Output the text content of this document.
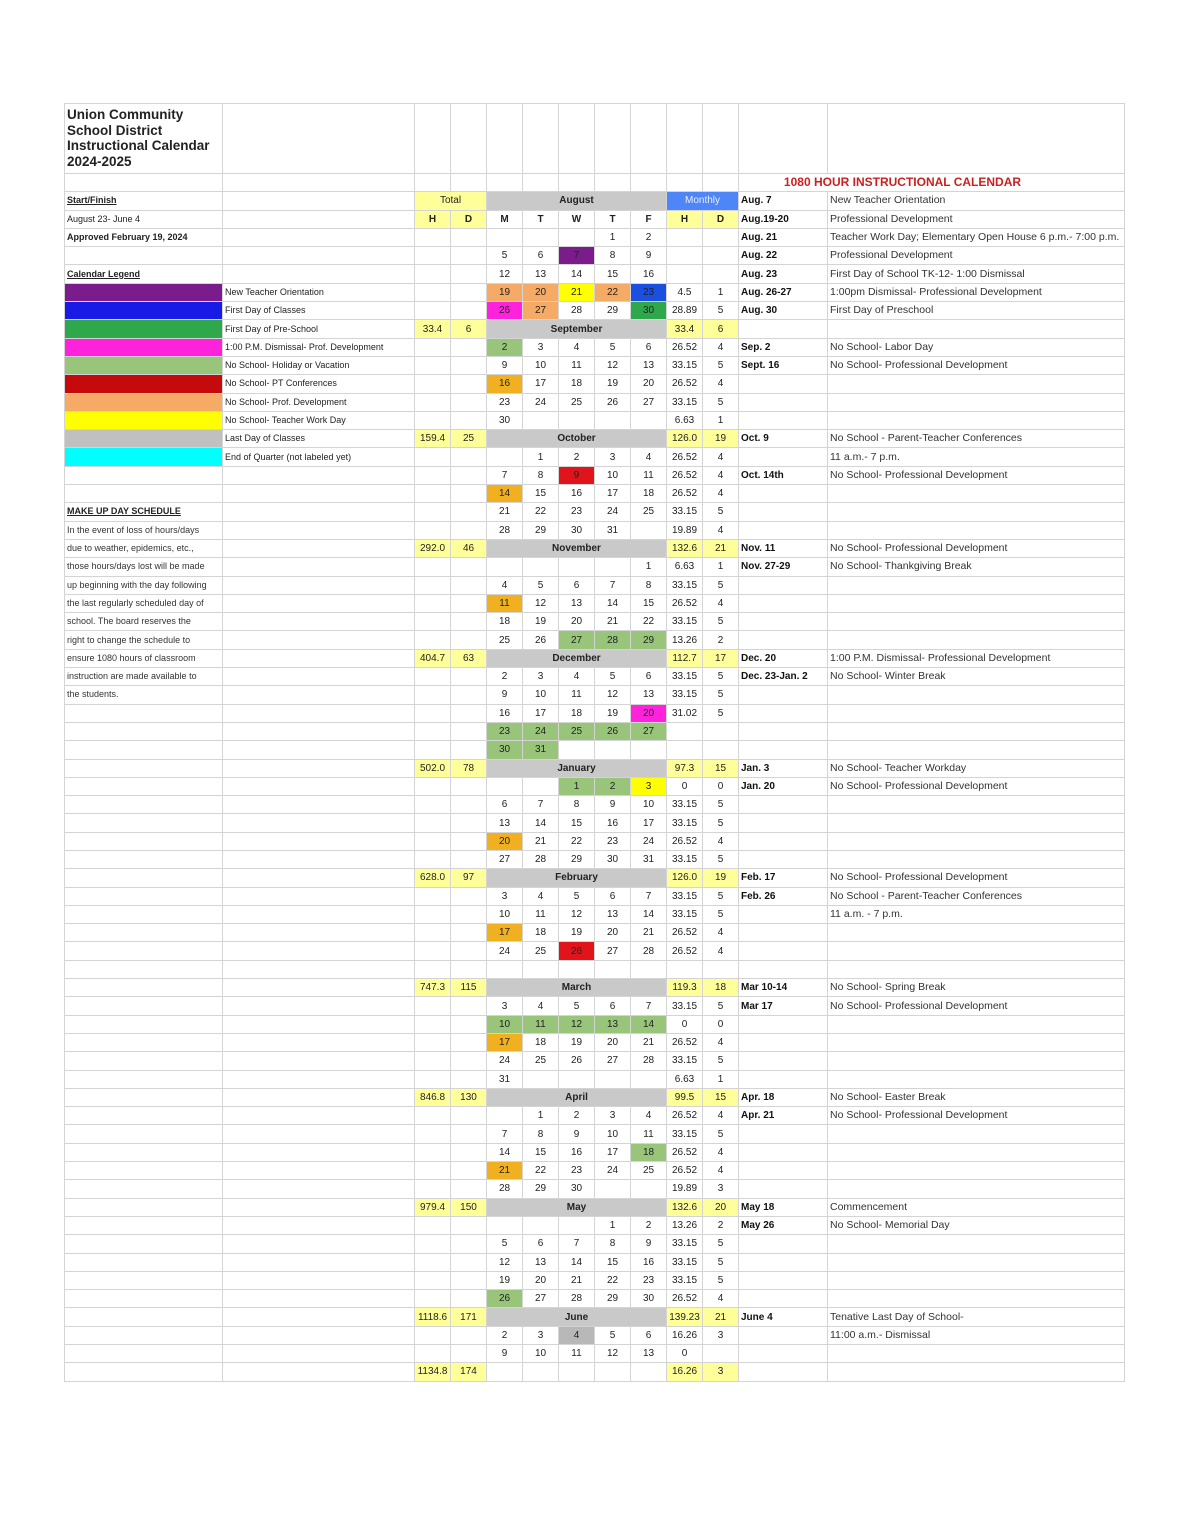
Union Community
School District
Instructional Calendar
2024-2025												
											1080 HOUR INSTRUCTIONAL CALENDAR	
Start/Finish		Total		August					Monthly		Aug. 7	New Teacher Orientation
August 23- June 4		H	D	M	T	W	T	F	H	D	Aug.19-20	Professional Development
Approved February 19, 2024							1	2			Aug. 21	Teacher Work Day; Elementary Open House 6 p.m.- 7:00 p.m.
				5	6	7	8	9			Aug. 22	Professional Development
Calendar Legend				12	13	14	15	16			Aug. 23	First Day of School TK-12- 1:00 Dismissal
	New Teacher Orientation			19	20	21	22	23	4.5	1	Aug. 26-27	1:00pm Dismissal- Professional Development
	First Day of Classes			26	27	28	29	30	28.89	5	Aug. 30	First Day of Preschool
	First Day of Pre-School	33.4	6	September					33.4	6		
	1:00 P.M. Dismissal- Prof. Development			2	3	4	5	6	26.52	4	Sep. 2	No School- Labor Day
	No School- Holiday or Vacation			9	10	11	12	13	33.15	5	Sept. 16	No School- Professional Development
	No School- PT Conferences			16	17	18	19	20	26.52	4		
	No School- Prof. Development			23	24	25	26	27	33.15	5		
	No School- Teacher Work Day			30					6.63	1		
	Last Day of Classes	159.4	25	October					126.0	19	Oct. 9	No School - Parent-Teacher Conferences
	End of Quarter (not labeled yet)				1	2	3	4	26.52	4		11 a.m.- 7 p.m.
				7	8	9	10	11	26.52	4	Oct. 14th	No School- Professional Development
				14	15	16	17	18	26.52	4		
MAKE UP DAY SCHEDULE				21	22	23	24	25	33.15	5		
In the event of loss of hours/days				28	29	30	31		19.89	4		
due to weather, epidemics, etc.,		292.0	46	November					132.6	21	Nov. 11	No School- Professional Development
those hours/days lost will be made								1	6.63	1	Nov. 27-29	No School- Thankgiving Break
up beginning with the day following				4	5	6	7	8	33.15	5		
the last regularly scheduled day of				11	12	13	14	15	26.52	4		
school. The board reserves the				18	19	20	21	22	33.15	5		
right to change the schedule to				25	26	27	28	29	13.26	2		
ensure 1080 hours of classroom		404.7	63	December					112.7	17	Dec. 20	1:00 P.M. Dismissal- Professional Development
instruction are made available to				2	3	4	5	6	33.15	5	Dec. 23-Jan. 2	No School- Winter Break
the students.				9	10	11	12	13	33.15	5		
				16	17	18	19	20	31.02	5		
				23	24	25	26	27				
				30	31							
		502.0	78	January					97.3	15	Jan. 3	No School- Teacher Workday
						1	2	3	0	0	Jan. 20	No School- Professional Development
				6	7	8	9	10	33.15	5		
				13	14	15	16	17	33.15	5		
				20	21	22	23	24	26.52	4		
				27	28	29	30	31	33.15	5		
		628.0	97	February					126.0	19	Feb. 17	No School- Professional Development
				3	4	5	6	7	33.15	5	Feb. 26	No School - Parent-Teacher Conferences
				10	11	12	13	14	33.15	5		11 a.m. - 7 p.m.
				17	18	19	20	21	26.52	4		
				24	25	26	27	28	26.52	4		

		747.3	115	March					119.3	18	Mar 10-14	No School- Spring Break
				3	4	5	6	7	33.15	5	Mar 17	No School- Professional Development
				10	11	12	13	14	0	0		
				17	18	19	20	21	26.52	4		
				24	25	26	27	28	33.15	5		
				31					6.63	1		
		846.8	130	April					99.5	15	Apr. 18	No School- Easter Break
					1	2	3	4	26.52	4	Apr. 21	No School- Professional Development
				7	8	9	10	11	33.15	5		
				14	15	16	17	18	26.52	4		
				21	22	23	24	25	26.52	4		
				28	29	30			19.89	3		
		979.4	150	May					132.6	20	May 18	Commencement
							1	2	13.26	2	May 26	No School- Memorial Day
				5	6	7	8	9	33.15	5		
				12	13	14	15	16	33.15	5		
				19	20	21	22	23	33.15	5		
				26	27	28	29	30	26.52	4		
		1118.6	171	June					139.23	21	June 4	Tenative Last Day of School-
				2	3	4	5	6	16.26	3		11:00 a.m.- Dismissal
				9	10	11	12	13	0			
		1134.8	174						16.26	3		
